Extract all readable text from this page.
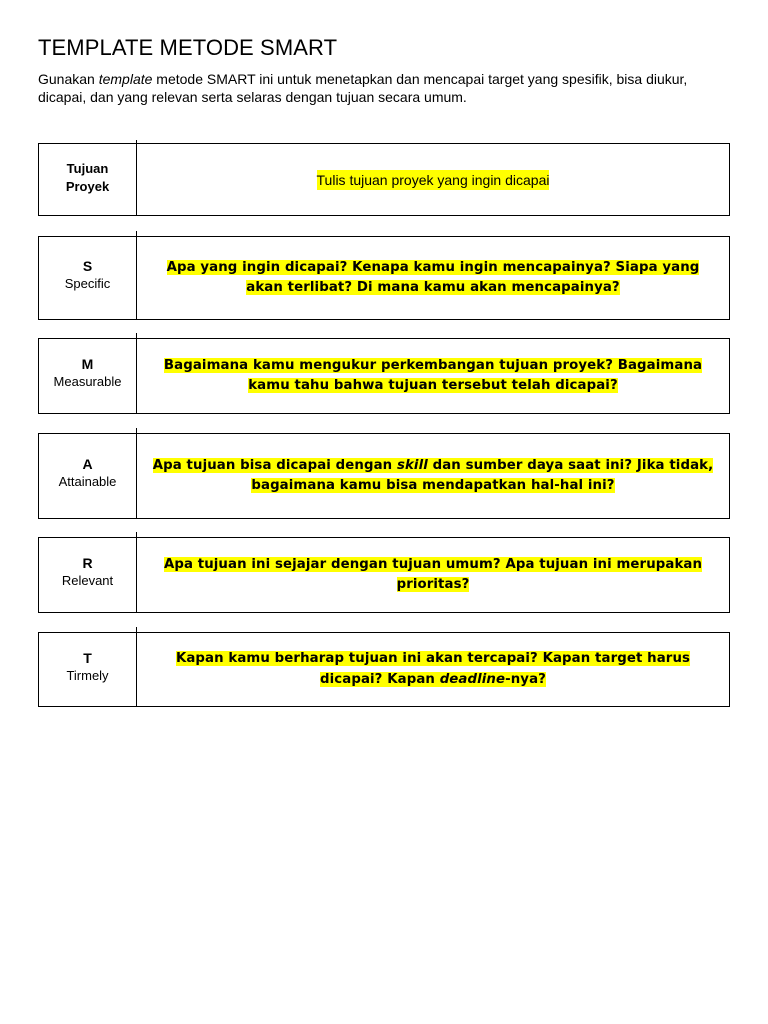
TEMPLATE METODE SMART

Gunakan template metode SMART ini untuk menetapkan dan mencapai target yang spesifik, bisa diukur, dicapai, dan yang relevan serta selaras dengan tujuan secara umum.

Tujuan
Proyek	Tulis tujuan proyek yang ingin dicapai
S
Specific
Apa yang ingin dicapai? Kenapa kamu ingin mencapainya? Siapa yang
akan terlibat? Di mana kamu akan mencapainya?
M
Measurable
Bagaimana kamu mengukur perkembangan tujuan proyek? Bagaimana
kamu tahu bahwa tujuan tersebut telah dicapai?
A
Attainable
Apa tujuan bisa dicapai dengan skill dan sumber daya saat ini? Jika tidak,
bagaimana kamu bisa mendapatkan hal-hal ini?
R
Relevant
Apa tujuan ini sejajar dengan tujuan umum? Apa tujuan ini merupakan
prioritas?
T
Tirmely
Kapan kamu berharap tujuan ini akan tercapai? Kapan target harus
dicapai? Kapan deadline-nya?
